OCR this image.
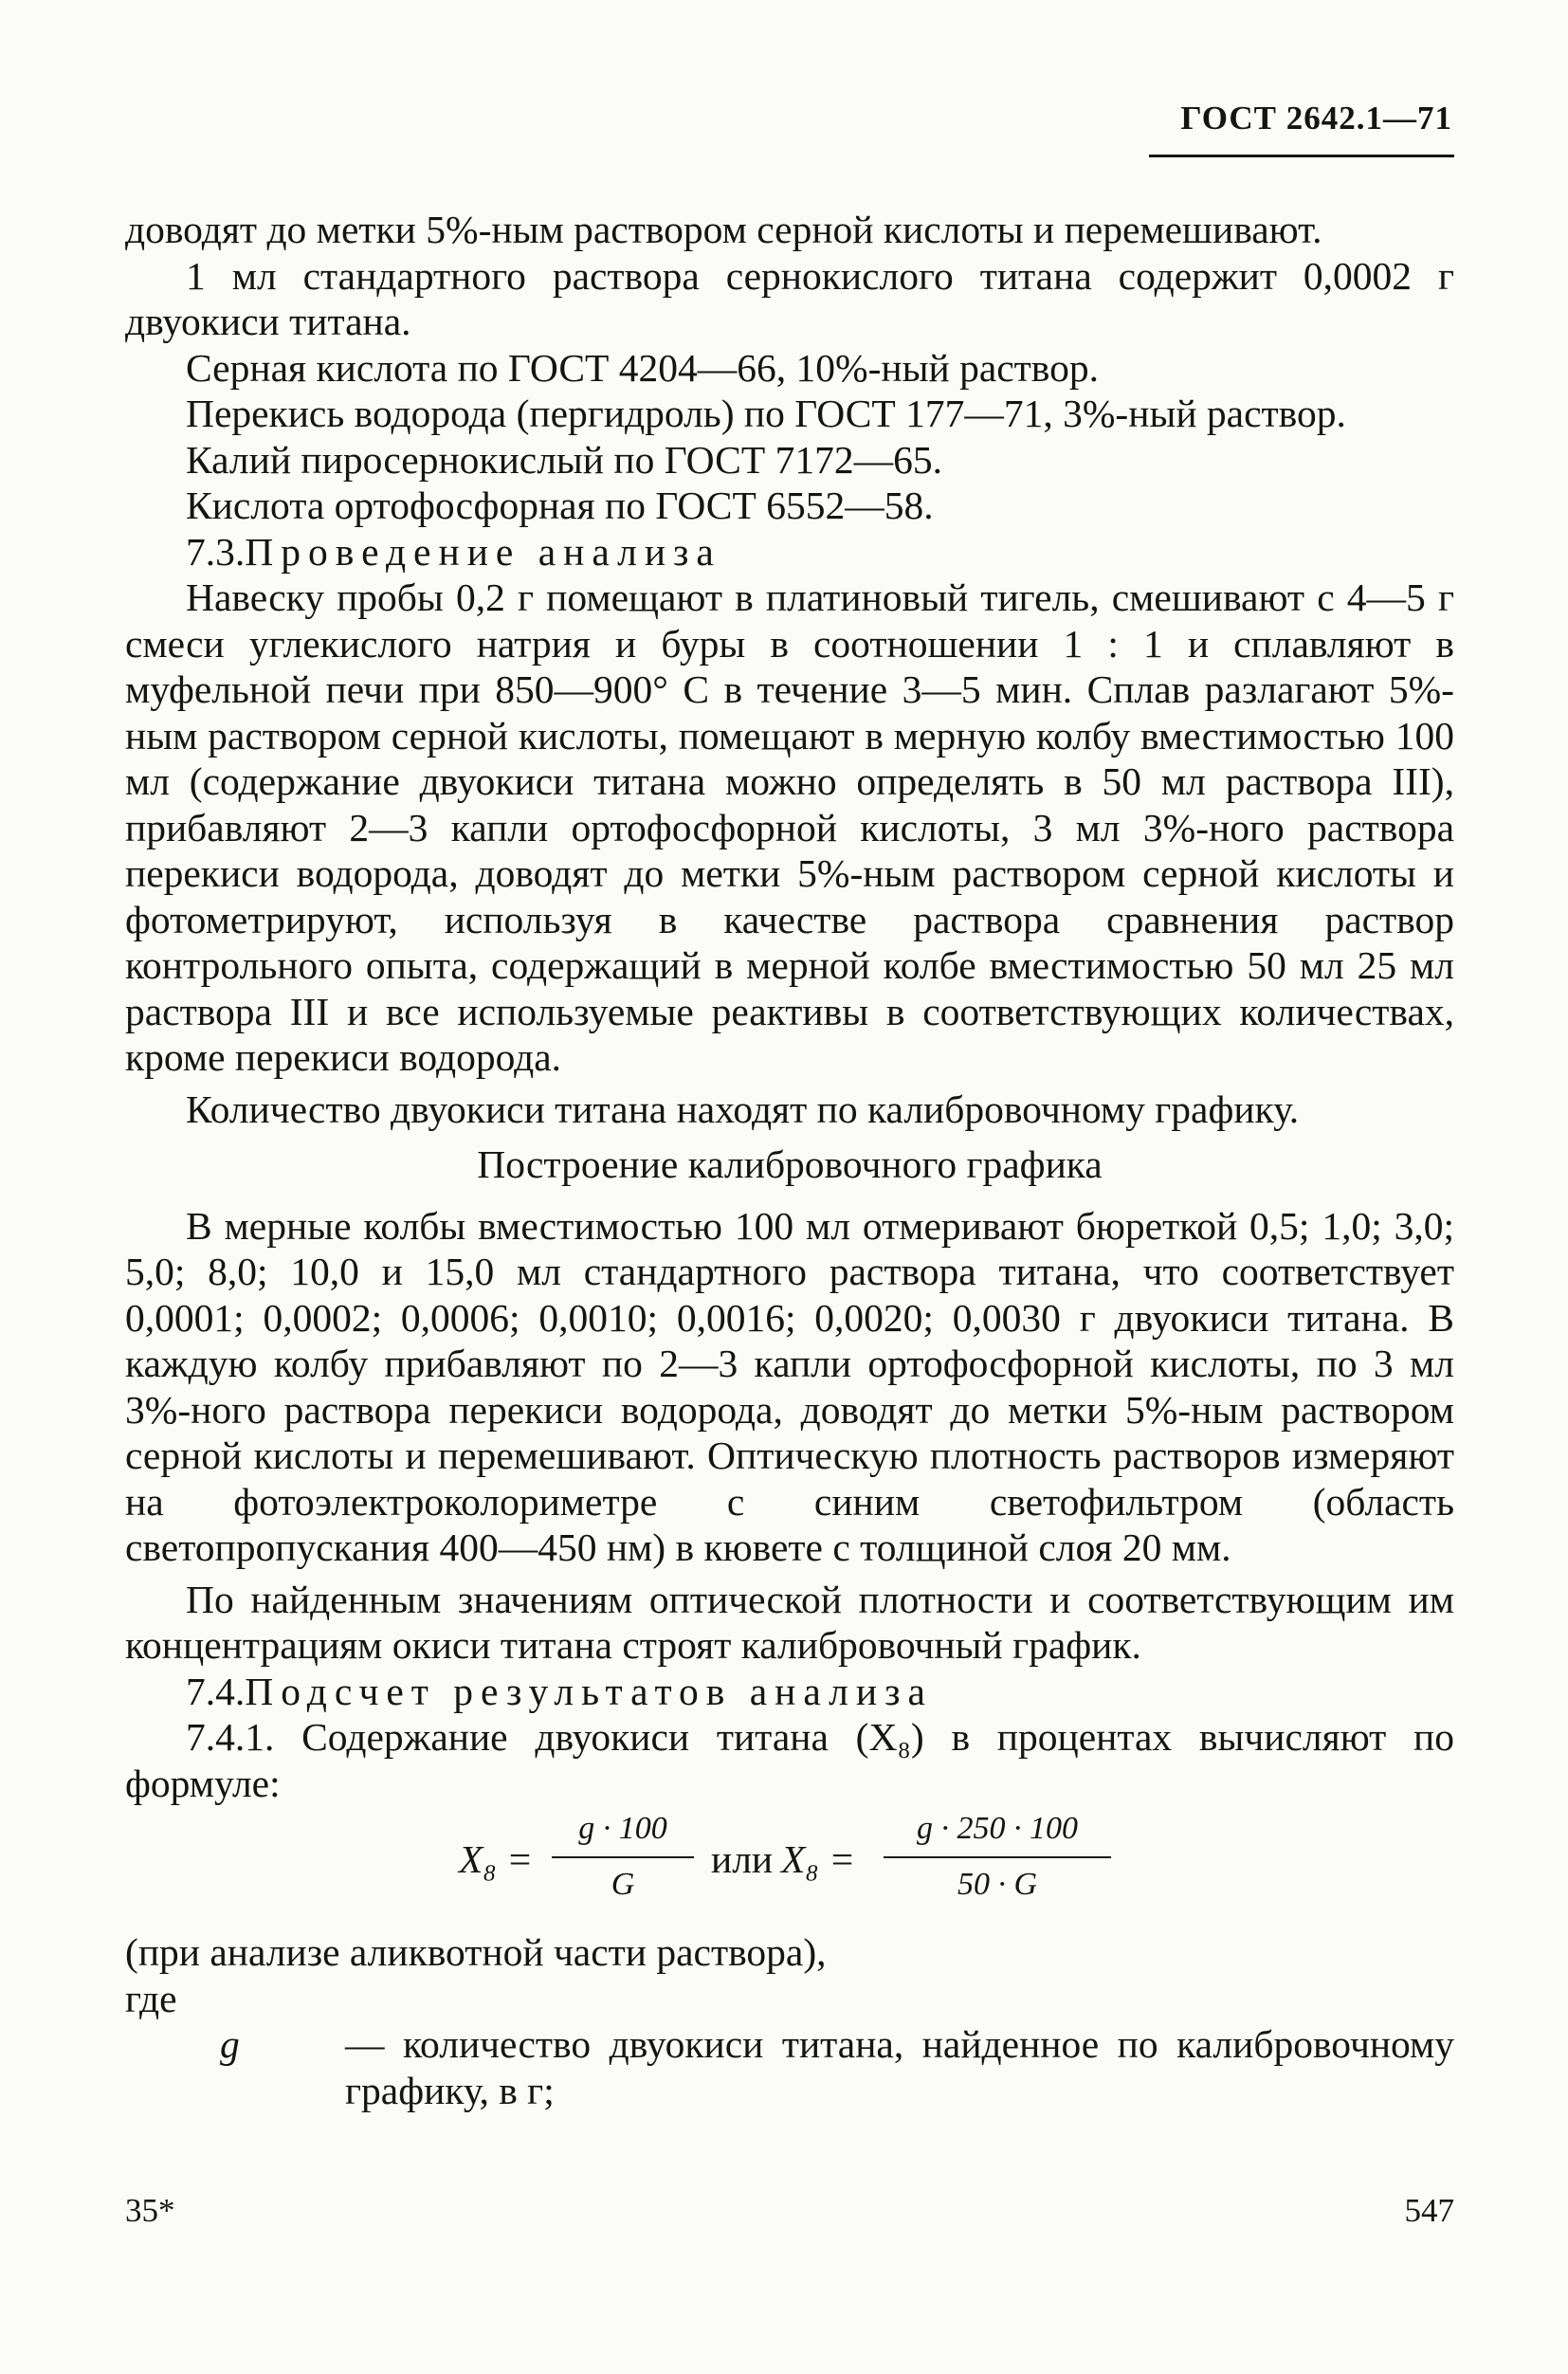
ГОСТ 2642.1—71

доводят до метки 5%-ным раствором серной кислоты и перемешивают.

1 мл стандартного раствора сернокислого титана содержит 0,0002 г двуокиси титана.

Серная кислота по ГОСТ 4204—66, 10%-ный раствор.

Перекись водорода (пергидроль) по ГОСТ 177—71, 3%-ный раствор.

Калий пиросернокислый по ГОСТ 7172—65.

Кислота ортофосфорная по ГОСТ 6552—58.

7.3.Проведение анализа

Навеску пробы 0,2 г помещают в платиновый тигель, смешивают с 4—5 г смеси углекислого натрия и буры в соотношении 1 : 1 и сплавляют в муфельной печи при 850—900° С в течение 3—5 мин. Сплав разлагают 5%-ным раствором серной кислоты, помещают в мерную колбу вместимостью 100 мл (содержание двуокиси титана можно определять в 50 мл раствора III), прибавляют 2—3 капли ортофосфорной кислоты, 3 мл 3%-ного раствора перекиси водорода, доводят до метки 5%-ным раствором серной кислоты и фотометрируют, используя в качестве раствора сравнения раствор контрольного опыта, содержащий в мерной колбе вместимостью 50 мл 25 мл раствора III и все используемые реактивы в соответствующих количествах, кроме перекиси водорода.

Количество двуокиси титана находят по калибровочному графику.

Построение калибровочного графика

В мерные колбы вместимостью 100 мл отмеривают бюреткой 0,5; 1,0; 3,0; 5,0; 8,0; 10,0 и 15,0 мл стандартного раствора титана, что соответствует 0,0001; 0,0002; 0,0006; 0,0010; 0,0016; 0,0020; 0,0030 г двуокиси титана. В каждую колбу прибавляют по 2—3 капли ортофосфорной кислоты, по 3 мл 3%-ного раствора перекиси водорода, доводят до метки 5%-ным раствором серной кислоты и перемешивают. Оптическую плотность растворов измеряют на фотоэлектроколориметре с синим светофильтром (область светопропускания 400—450 нм) в кювете с толщиной слоя 20 мм.

По найденным значениям оптической плотности и соответствующим им концентрациям окиси титана строят калибровочный график.

7.4.Подсчет результатов анализа

7.4.1. Содержание двуокиси титана (X₈) в процентах вычисляют по формуле:

$X_8 = \frac{g \cdot 100}{G}$ или $X_8 = \frac{g \cdot 250 \cdot 100}{50 \cdot G}$

(при анализе аликвотной части раствора),

где

g	— количество двуокиси титана, найденное по калибровочному графику, в г;

35*	547
